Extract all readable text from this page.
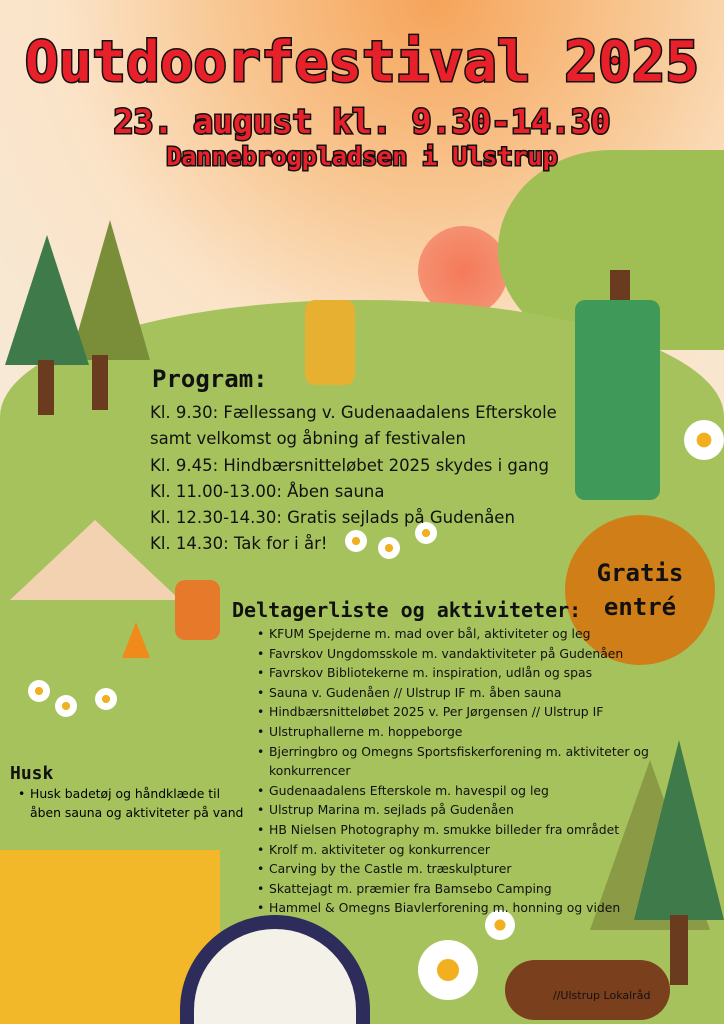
Outdoorfestival 2025
23. august kl. 9.30-14.30
Dannebrogpladsen i Ulstrup
Program:
Kl. 9.30: Fællessang v. Gudenaadalens Efterskole
samt velkomst og åbning af festivalen
Kl. 9.45: Hindbærsnitteløbet 2025 skydes i gang
Kl. 11.00-13.00: Åben sauna
Kl. 12.30-14.30: Gratis sejlads på Gudenåen
Kl. 14.30: Tak for i år!
Gratis
entré
Deltagerliste og aktiviteter:
• KFUM Spejderne m. mad over bål, aktiviteter og leg
• Favrskov Ungdomsskole m. vandaktiviteter på Gudenåen
• Favrskov Bibliotekerne m. inspiration, udlån og spas
• Sauna v. Gudenåen // Ulstrup IF m. åben sauna
• Hindbærsnitteløbet 2025 v. Per Jørgensen // Ulstrup IF
• Ulstruphallerne m. hoppeborge
• Bjerringbro og Omegns Sportsfiskerforening m. aktiviteter og konkurrencer
• Gudenaadalens Efterskole m. havespil og leg
• Ulstrup Marina m. sejlads på Gudenåen
• HB Nielsen Photography m. smukke billeder fra området
• Krolf m. aktiviteter og konkurrencer
• Carving by the Castle m. træskulpturer
• Skattejagt m. præmier fra Bamsebo Camping
• Hammel & Omegns Biavlerforening m. honning og viden
Husk
• Husk badetøj og håndklæde til åben sauna og aktiviteter på vand
//Ulstrup Lokalråd
